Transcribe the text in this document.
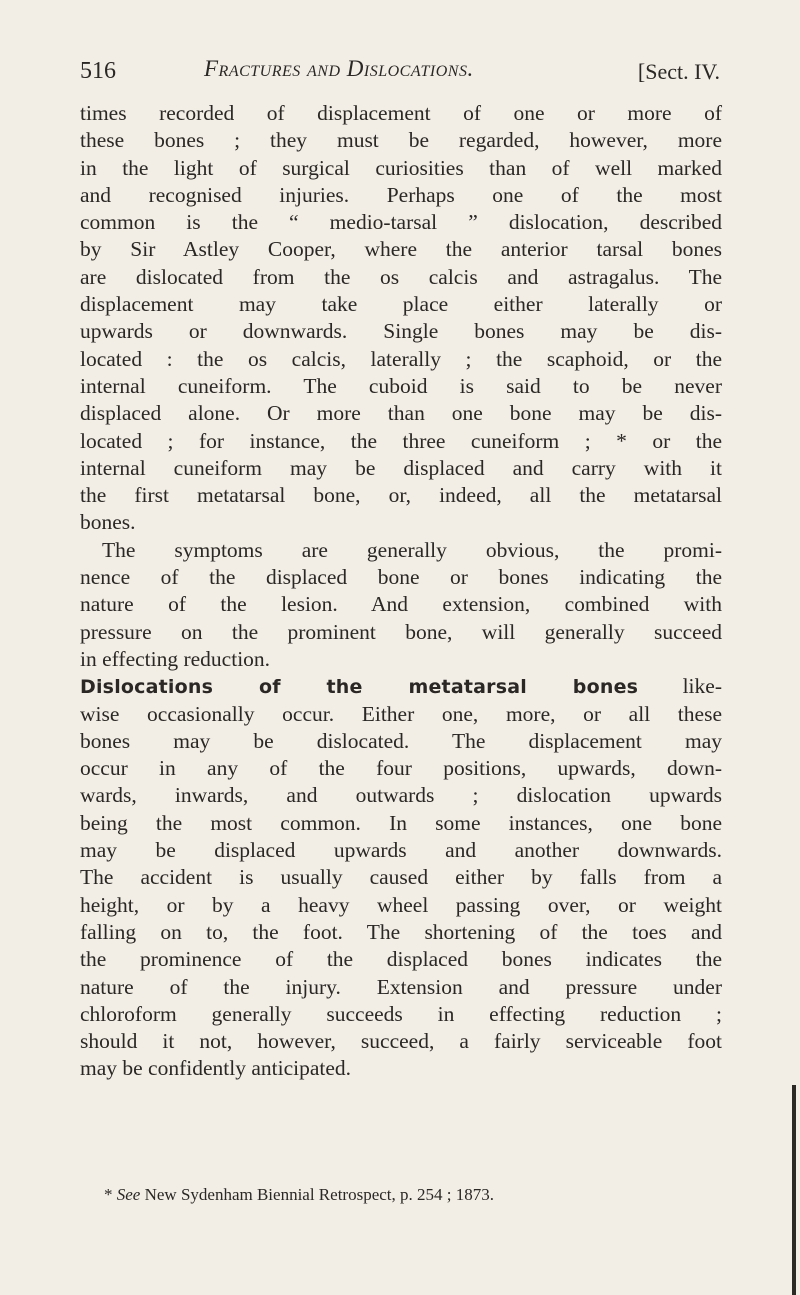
516	Fractures and Dislocations.	[Sect. IV.
times recorded of displacement of one or more of
these bones ; they must be regarded, however, more
in the light of surgical curiosities than of well marked
and recognised injuries. Perhaps one of the most
common is the “ medio-tarsal ” dislocation, described
by Sir Astley Cooper, where the anterior tarsal bones
are dislocated from the os calcis and astragalus. The
displacement may take place either laterally or
upwards or downwards. Single bones may be dis-
located : the os calcis, laterally ; the scaphoid, or the
internal cuneiform. The cuboid is said to be never
displaced alone. Or more than one bone may be dis-
located ; for instance, the three cuneiform ; * or the
internal cuneiform may be displaced and carry with it
the first metatarsal bone, or, indeed, all the metatarsal
bones.
The symptoms are generally obvious, the promi-
nence of the displaced bone or bones indicating the
nature of the lesion. And extension, combined with
pressure on the prominent bone, will generally succeed
in effecting reduction.
Dislocations of the metatarsal bones like-
wise occasionally occur. Either one, more, or all these
bones may be dislocated. The displacement may
occur in any of the four positions, upwards, down-
wards, inwards, and outwards ; dislocation upwards
being the most common. In some instances, one bone
may be displaced upwards and another downwards.
The accident is usually caused either by falls from a
height, or by a heavy wheel passing over, or weight
falling on to, the foot. The shortening of the toes and
the prominence of the displaced bones indicates the
nature of the injury. Extension and pressure under
chloroform generally succeeds in effecting reduction ;
should it not, however, succeed, a fairly serviceable foot
may be confidently anticipated.
* See New Sydenham Biennial Retrospect, p. 254 ; 1873.
